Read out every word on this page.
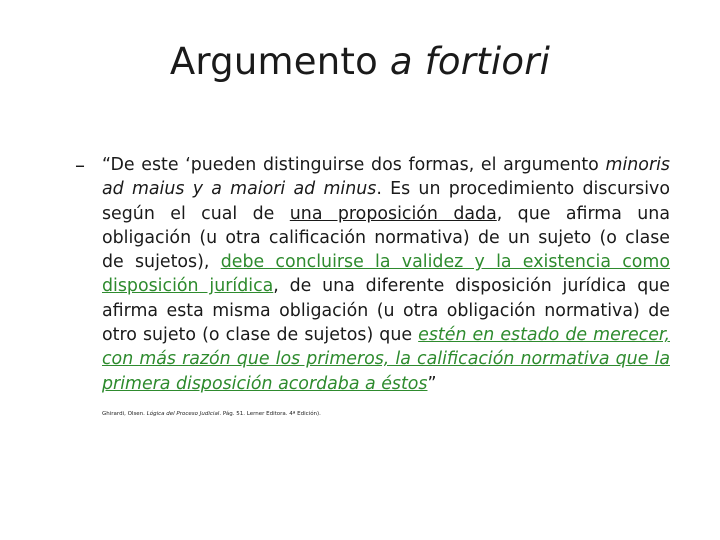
Argumento a fortiori
– “De este ‘pueden distinguirse dos formas, el argumento minoris ad maius y a maiori ad minus. Es un procedimiento discursivo según el cual de una proposición dada, que afirma una obligación (u otra calificación normativa) de un sujeto (o clase de sujetos), debe concluirse la validez y la existencia como disposición jurídica, de una diferente disposición jurídica que afirma esta misma obligación (u otra obligación normativa) de otro sujeto (o clase de sujetos) que estén en estado de merecer, con más razón que los primeros, la calificación normativa que la primera disposición acordaba a éstos”
Ghirardi, Olsen. Lógica del Proceso Judicial. Pág. 51. Lerner Editora. 4ª Edición).
